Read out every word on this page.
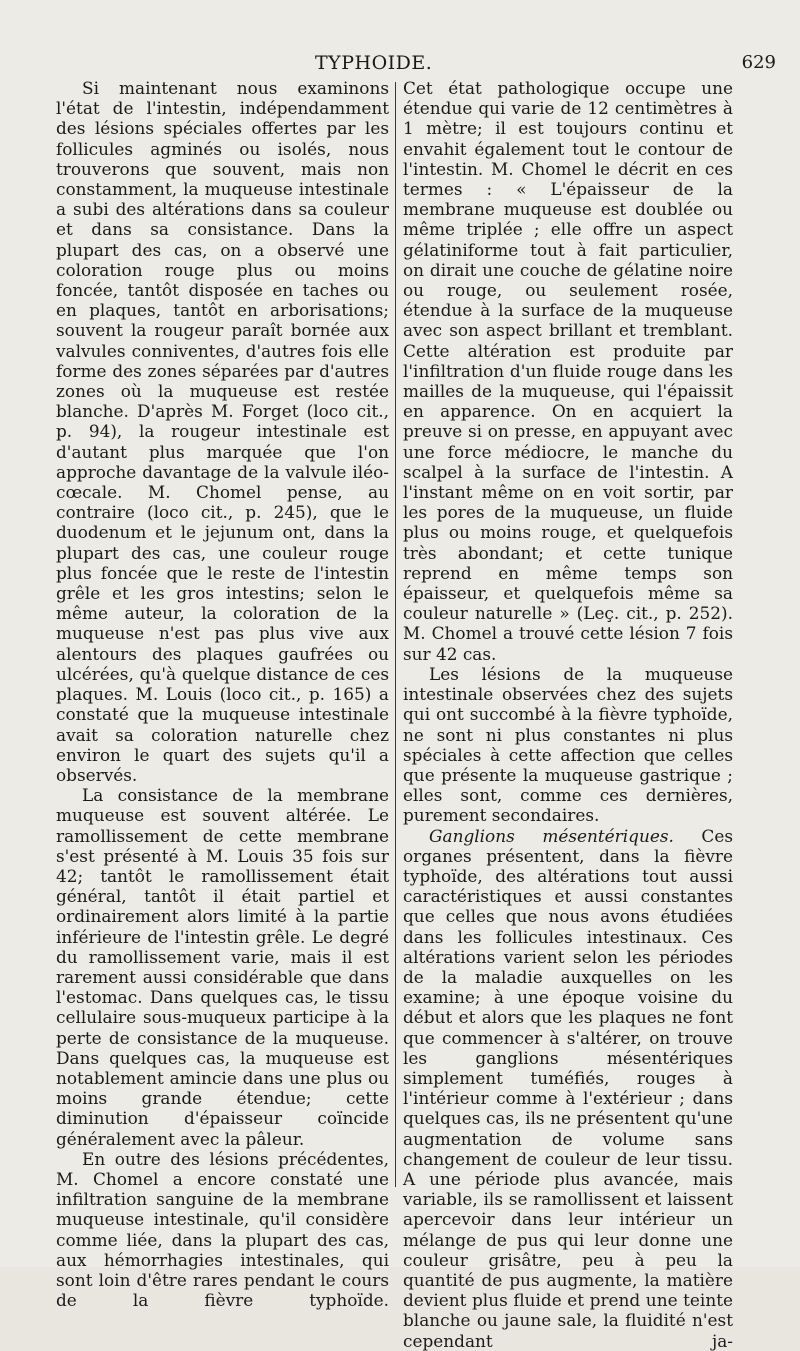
TYPHOIDE.	629

Si maintenant nous examinons l'état de l'intestin, indépendamment des lésions spéciales offertes par les follicules agminés ou isolés, nous trouverons que souvent, mais non constamment, la muqueuse intestinale a subi des altérations dans sa couleur et dans sa consistance. Dans la plupart des cas, on a observé une coloration rouge plus ou moins foncée, tantôt disposée en taches ou en plaques, tantôt en arborisations; souvent la rougeur paraît bornée aux valvules conniventes, d'autres fois elle forme des zones séparées par d'autres zones où la muqueuse est restée blanche. D'après M. Forget (loco cit., p. 94), la rougeur intestinale est d'autant plus marquée que l'on approche davantage de la valvule iléo-cœcale. M. Chomel pense, au contraire (loco cit., p. 245), que le duodenum et le jejunum ont, dans la plupart des cas, une couleur rouge plus foncée que le reste de l'intestin grêle et les gros intestins; selon le même auteur, la coloration de la muqueuse n'est pas plus vive aux alentours des plaques gaufrées ou ulcérées, qu'à quelque distance de ces plaques. M. Louis (loco cit., p. 165) a constaté que la muqueuse intestinale avait sa coloration naturelle chez environ le quart des sujets qu'il a observés.

La consistance de la membrane muqueuse est souvent altérée. Le ramollissement de cette membrane s'est présenté à M. Louis 35 fois sur 42; tantôt le ramollissement était général, tantôt il était partiel et ordinairement alors limité à la partie inférieure de l'intestin grêle. Le degré du ramollissement varie, mais il est rarement aussi considérable que dans l'estomac. Dans quelques cas, le tissu cellulaire sous-muqueux participe à la perte de consistance de la muqueuse. Dans quelques cas, la muqueuse est notablement amincie dans une plus ou moins grande étendue; cette diminution d'épaisseur coïncide généralement avec la pâleur.

En outre des lésions précédentes, M. Chomel a encore constaté une infiltration sanguine de la membrane muqueuse intestinale, qu'il considère comme liée, dans la plupart des cas, aux hémorrhagies intestinales, qui sont loin d'être rares pendant le cours de la fièvre typhoïde.

Cet état pathologique occupe une étendue qui varie de 12 centimètres à 1 mètre; il est toujours continu et envahit également tout le contour de l'intestin. M. Chomel le décrit en ces termes : « L'épaisseur de la membrane muqueuse est doublée ou même triplée ; elle offre un aspect gélatiniforme tout à fait particulier, on dirait une couche de gélatine noire ou rouge, ou seulement rosée, étendue à la surface de la muqueuse avec son aspect brillant et tremblant. Cette altération est produite par l'infiltration d'un fluide rouge dans les mailles de la muqueuse, qui l'épaissit en apparence. On en acquiert la preuve si on presse, en appuyant avec une force médiocre, le manche du scalpel à la surface de l'intestin. A l'instant même on en voit sortir, par les pores de la muqueuse, un fluide plus ou moins rouge, et quelquefois très abondant; et cette tunique reprend en même temps son épaisseur, et quelquefois même sa couleur naturelle » (Leç. cit., p. 252). M. Chomel a trouvé cette lésion 7 fois sur 42 cas.

Les lésions de la muqueuse intestinale observées chez des sujets qui ont succombé à la fièvre typhoïde, ne sont ni plus constantes ni plus spéciales à cette affection que celles que présente la muqueuse gastrique ; elles sont, comme ces dernières, purement secondaires.

Ganglions mésentériques. Ces organes présentent, dans la fièvre typhoïde, des altérations tout aussi caractéristiques et aussi constantes que celles que nous avons étudiées dans les follicules intestinaux. Ces altérations varient selon les périodes de la maladie auxquelles on les examine; à une époque voisine du début et alors que les plaques ne font que commencer à s'altérer, on trouve les ganglions mésentériques simplement tuméfiés, rouges à l'intérieur comme à l'extérieur ; dans quelques cas, ils ne présentent qu'une augmentation de volume sans changement de couleur de leur tissu. A une période plus avancée, mais variable, ils se ramollissent et laissent apercevoir dans leur intérieur un mélange de pus qui leur donne une couleur grisâtre, peu à peu la quantité de pus augmente, la matière devient plus fluide et prend une teinte blanche ou jaune sale, la fluidité n'est cependant ja-
